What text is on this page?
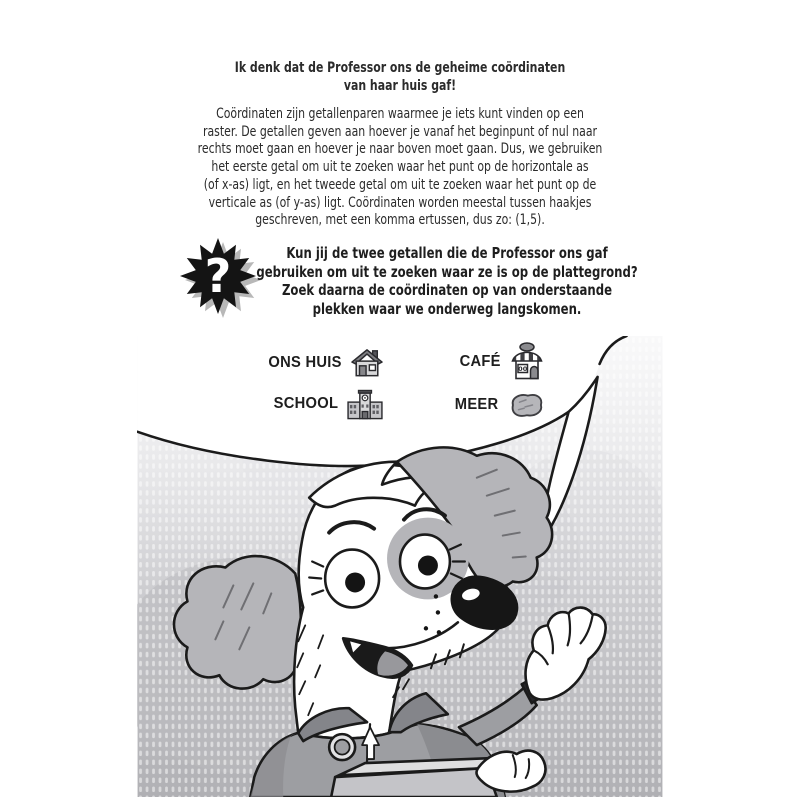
Ik denk dat de Professor ons de geheime coördinaten
van haar huis gaf!
Coördinaten zijn getallenparen waarmee je iets kunt vinden op een
raster. De getallen geven aan hoever je vanaf het beginpunt of nul naar
rechts moet gaan en hoever je naar boven moet gaan. Dus, we gebruiken
het eerste getal om uit te zoeken waar het punt op de horizontale as
(of x-as) ligt, en het tweede getal om uit te zoeken waar het punt op de
verticale as (of y-as) ligt. Coördinaten worden meestal tussen haakjes
geschreven, met een komma ertussen, dus zo: (1,5).
?	Kun jij de twee getallen die de Professor ons gaf
gebruiken om uit te zoeken waar ze is op de plattegrond?
Zoek daarna de coördinaten op van onderstaande
plekken waar we onderweg langskomen.
ONS HUIS	CAFÉ	00
SCHOOL	MEER
